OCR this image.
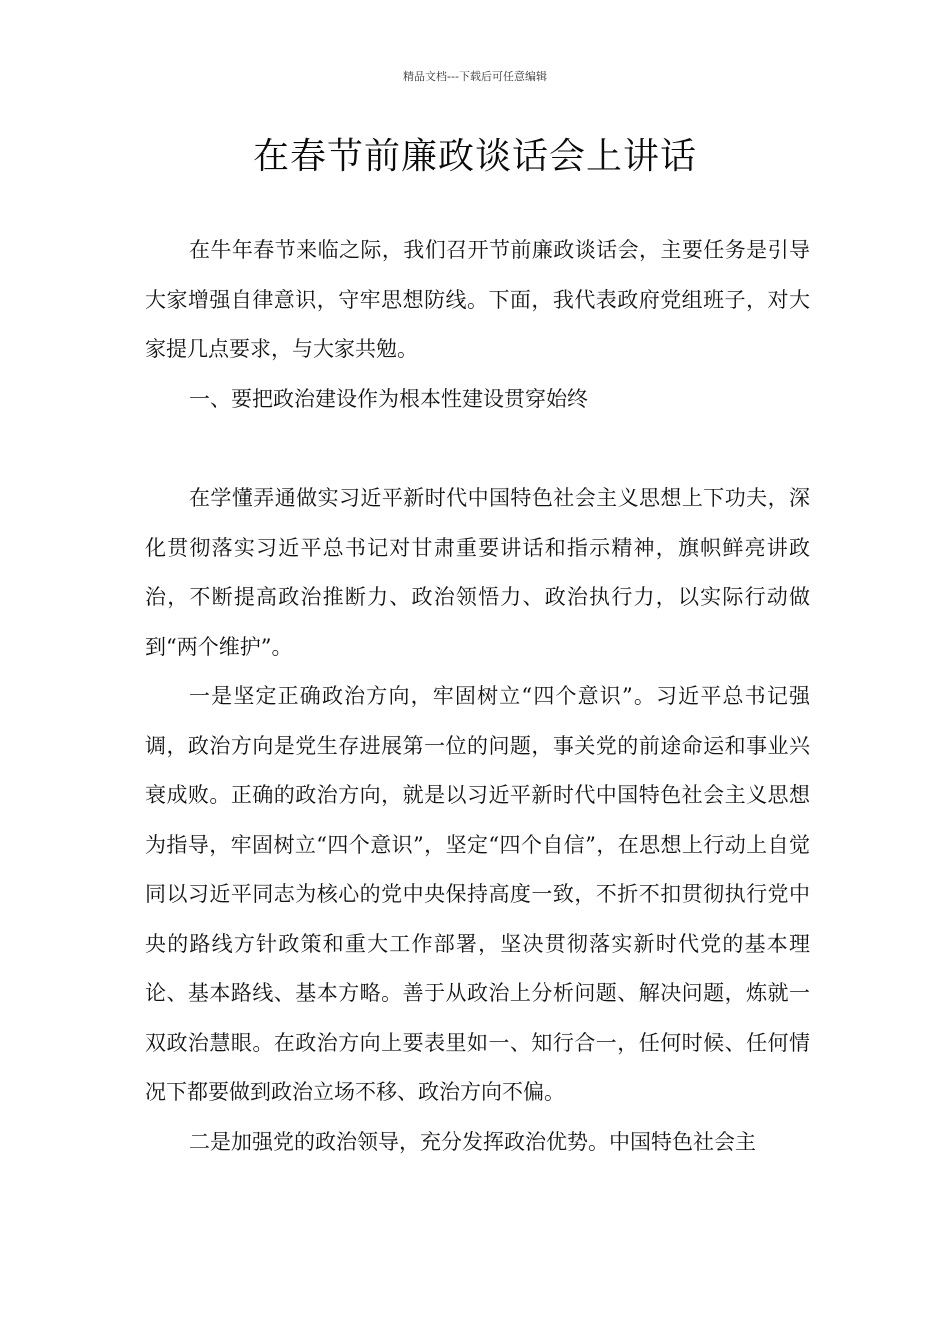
精品文档---下载后可任意编辑
在春节前廉政谈话会上讲话

在牛年春节来临之际，我们召开节前廉政谈话会，主要任务是引导大家增强自律意识，守牢思想防线。下面，我代表政府党组班子，对大家提几点要求，与大家共勉。

一、要把政治建设作为根本性建设贯穿始终

在学懂弄通做实习近平新时代中国特色社会主义思想上下功夫，深化贯彻落实习近平总书记对甘肃重要讲话和指示精神，旗帜鲜亮讲政治，不断提高政治推断力、政治领悟力、政治执行力，以实际行动做到“两个维护”。

一是坚定正确政治方向，牢固树立“四个意识”。习近平总书记强调，政治方向是党生存进展第一位的问题，事关党的前途命运和事业兴衰成败。正确的政治方向，就是以习近平新时代中国特色社会主义思想为指导，牢固树立“四个意识”，坚定“四个自信”，在思想上行动上自觉同以习近平同志为核心的党中央保持高度一致，不折不扣贯彻执行党中央的路线方针政策和重大工作部署，坚决贯彻落实新时代党的基本理论、基本路线、基本方略。善于从政治上分析问题、解决问题，炼就一双政治慧眼。在政治方向上要表里如一、知行合一，任何时候、任何情况下都要做到政治立场不移、政治方向不偏。

二是加强党的政治领导，充分发挥政治优势。中国特色社会主
